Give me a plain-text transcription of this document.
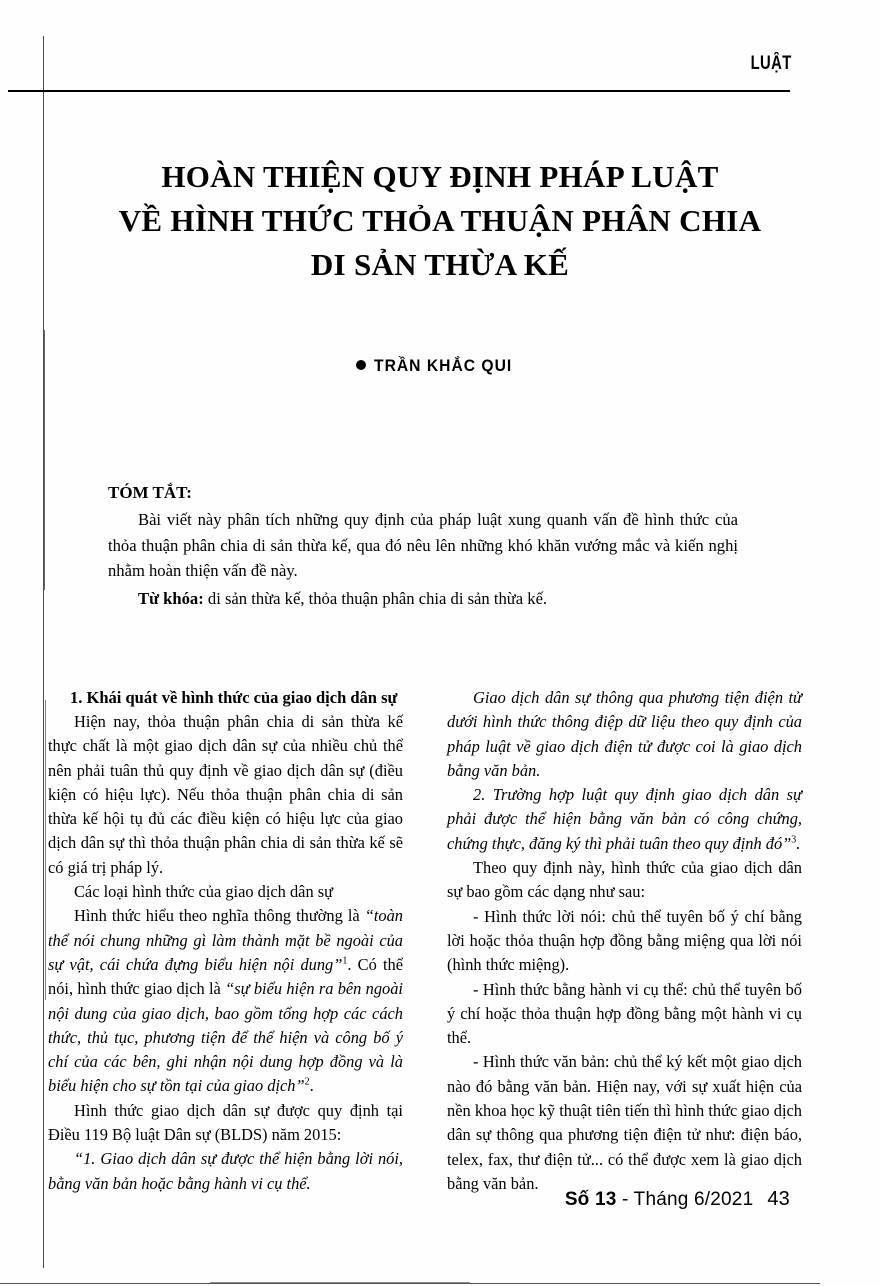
LUẬT
HOÀN THIỆN QUY ĐỊNH PHÁP LUẬT
VỀ HÌNH THỨC THỎA THUẬN PHÂN CHIA
DI SẢN THỪA KẾ
TRẦN KHẮC QUI
TÓM TẮT:
Bài viết này phân tích những quy định của pháp luật xung quanh vấn đề hình thức của thỏa thuận phân chia di sản thừa kế, qua đó nêu lên những khó khăn vướng mắc và kiến nghị nhằm hoàn thiện vấn đề này.
Từ khóa: di sản thừa kế, thỏa thuận phân chia di sản thừa kế.
1. Khái quát về hình thức của giao dịch dân sự
Hiện nay, thỏa thuận phân chia di sản thừa kế thực chất là một giao dịch dân sự của nhiều chủ thể nên phải tuân thủ quy định về giao dịch dân sự (điều kiện có hiệu lực). Nếu thỏa thuận phân chia di sản thừa kế hội tụ đủ các điều kiện có hiệu lực của giao dịch dân sự thì thỏa thuận phân chia di sản thừa kế sẽ có giá trị pháp lý.
Các loại hình thức của giao dịch dân sự
Hình thức hiểu theo nghĩa thông thường là “toàn thể nói chung những gì làm thành mặt bề ngoài của sự vật, cái chứa đựng biểu hiện nội dung”$^1$. Có thể nói, hình thức giao dịch là “sự biểu hiện ra bên ngoài nội dung của giao dịch, bao gồm tổng hợp các cách thức, thủ tục, phương tiện để thể hiện và công bố ý chí của các bên, ghi nhận nội dung hợp đồng và là biểu hiện cho sự tồn tại của giao dịch”$^2$.
Hình thức giao dịch dân sự được quy định tại Điều 119 Bộ luật Dân sự (BLDS) năm 2015:
“1. Giao dịch dân sự được thể hiện bằng lời nói, bằng văn bản hoặc bằng hành vi cụ thể.
Giao dịch dân sự thông qua phương tiện điện tử dưới hình thức thông điệp dữ liệu theo quy định của pháp luật về giao dịch điện tử được coi là giao dịch bằng văn bản.
2. Trường hợp luật quy định giao dịch dân sự phải được thể hiện bằng văn bản có công chứng, chứng thực, đăng ký thì phải tuân theo quy định đó”$^3$.
Theo quy định này, hình thức của giao dịch dân sự bao gồm các dạng như sau:
- Hình thức lời nói: chủ thể tuyên bố ý chí bằng lời hoặc thỏa thuận hợp đồng bằng miệng qua lời nói (hình thức miệng).
- Hình thức bằng hành vi cụ thể: chủ thể tuyên bố ý chí hoặc thỏa thuận hợp đồng bằng một hành vi cụ thể.
- Hình thức văn bản: chủ thể ký kết một giao dịch nào đó bằng văn bản. Hiện nay, với sự xuất hiện của nền khoa học kỹ thuật tiên tiến thì hình thức giao dịch dân sự thông qua phương tiện điện tử như: điện báo, telex, fax, thư điện tử... có thể được xem là giao dịch bằng văn bản.
Số 13 - Tháng 6/2021 43
